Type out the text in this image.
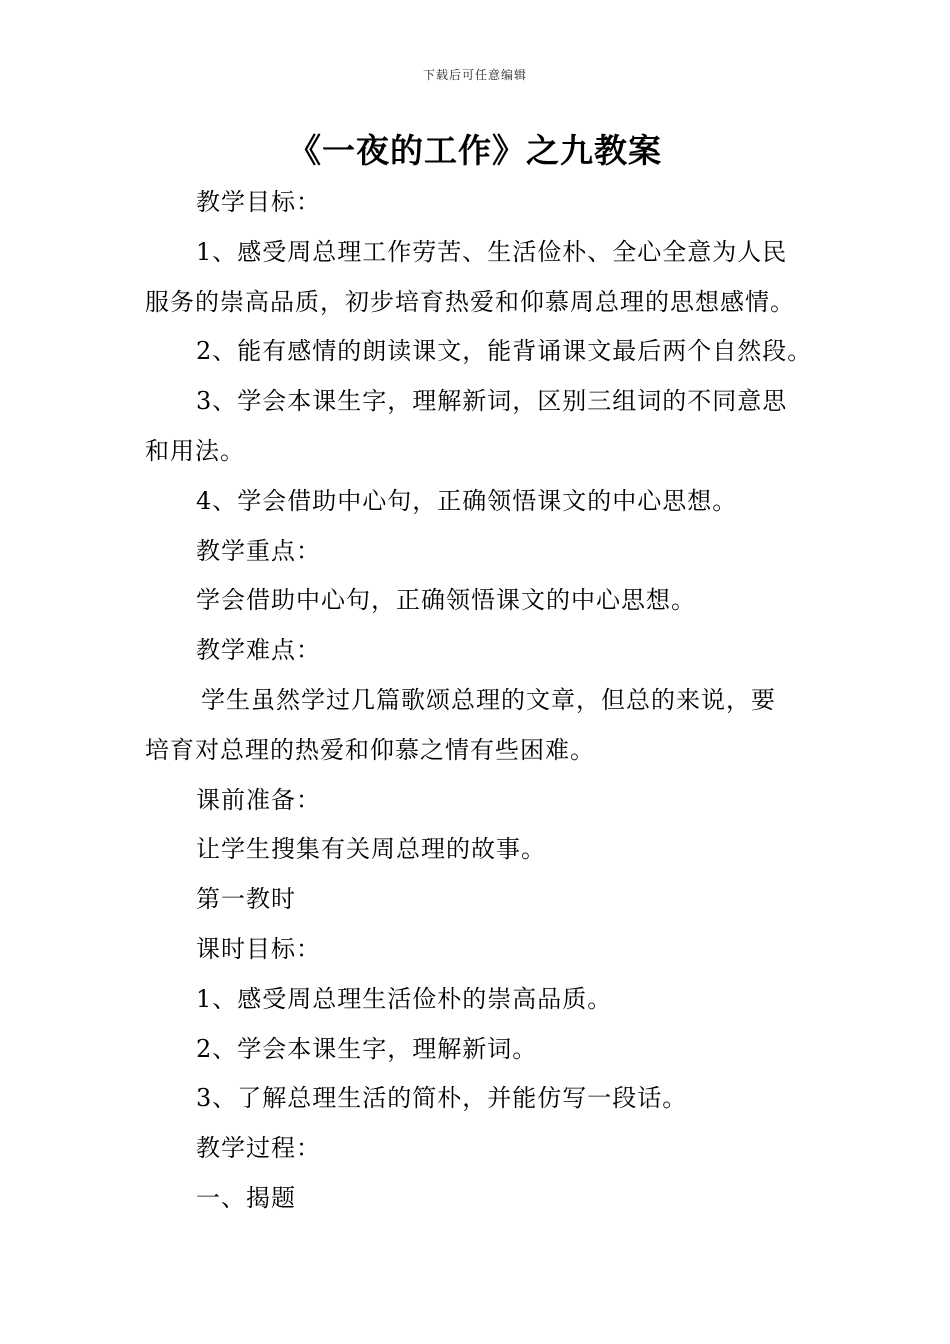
下载后可任意编辑
《一夜的工作》之九教案
教学目标：
1、感受周总理工作劳苦、生活俭朴、全心全意为人民
服务的崇高品质，初步培育热爱和仰慕周总理的思想感情。
2、能有感情的朗读课文，能背诵课文最后两个自然段。
3、学会本课生字，理解新词，区别三组词的不同意思
和用法。
4、学会借助中心句，正确领悟课文的中心思想。
教学重点：
学会借助中心句，正确领悟课文的中心思想。
教学难点：
学生虽然学过几篇歌颂总理的文章，但总的来说，要
培育对总理的热爱和仰慕之情有些困难。
课前准备：
让学生搜集有关周总理的故事。
第一教时
课时目标：
1、感受周总理生活俭朴的崇高品质。
2、学会本课生字，理解新词。
3、了解总理生活的简朴，并能仿写一段话。
教学过程：
一、揭题
